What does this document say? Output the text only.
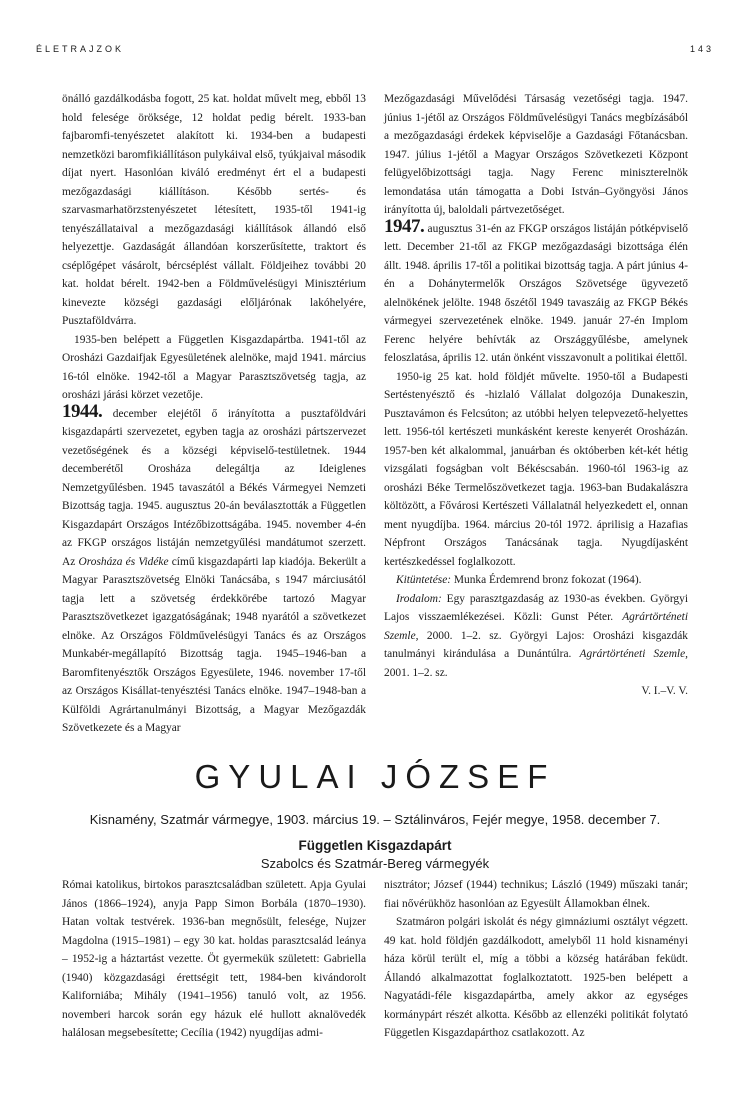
ÉLETRAJZOK	143

önálló gazdálkodásba fogott, 25 kat. holdat művelt meg, ebből 13 hold felesége öröksége, 12 holdat pedig bérelt. 1933-ban fajbaromfi-tenyészetet alakított ki. 1934-ben a budapesti nemzetközi baromfikiállításon pulykáival első, tyúkjaival második díjat nyert. Hasonlóan kiváló eredményt ért el a budapesti mezőgazdasági kiállításon. Később sertés- és szarvasmarhatörzstenyészetet létesített, 1935-től 1941-ig tenyészállataival a mezőgazdasági kiállítások állandó első helyezettje. Gazdaságát állandóan korszerűsítette, traktort és cséplőgépet vásárolt, bércséplést vállalt. Földjeihez további 20 kat. holdat bérelt. 1942-ben a Földművelésügyi Minisztérium kinevezte községi gazdasági előljárónak lakóhelyére, Pusztaföldvárra.

1935-ben belépett a Független Kisgazdapártba. 1941-től az Orosházi Gazdaifjak Egyesületének alelnöke, majd 1941. március 16-tól elnöke. 1942-től a Magyar Parasztszövetség tagja, az orosházi járási körzet vezetője.

1944. december elejétől ő irányította a pusztaföldvári kisgazdapárti szervezetet, egyben tagja az orosházi pártszervezet vezetőségének és a községi képviselő-testületnek. 1944 decemberétől Orosháza delegáltja az Ideiglenes Nemzetgyűlésben. 1945 tavaszától a Békés Vármegyei Nemzeti Bizottság tagja. 1945. augusztus 20-án beválasztották a Független Kisgazdapárt Országos Intézőbizottságába. 1945. november 4-én az FKGP országos listáján nemzetgyűlési mandátumot szerzett. Az Orosháza és Vidéke című kisgazdapárti lap kiadója. Bekerült a Magyar Parasztszövetség Elnöki Tanácsába, s 1947 márciusától tagja lett a szövetség érdekkörébe tartozó Magyar Parasztszövetkezet igazgatóságának; 1948 nyarától a szövetkezet elnöke. Az Országos Földművelésügyi Tanács és az Országos Munkabér-megállapító Bizottság tagja. 1945–1946-ban a Baromfitenyésztők Országos Egyesülete, 1946. november 17-től az Országos Kisállat-tenyésztési Tanács elnöke. 1947–1948-ban a Külföldi Agrártanulmányi Bizottság, a Magyar Mezőgazdák Szövetkezete és a Magyar

Mezőgazdasági Művelődési Társaság vezetőségi tagja. 1947. június 1-jétől az Országos Földművelésügyi Tanács megbízásából a mezőgazdasági érdekek képviselője a Gazdasági Főtanácsban. 1947. július 1-jétől a Magyar Országos Szövetkezeti Központ felügyelőbizottsági tagja. Nagy Ferenc miniszterelnök lemondatása után támogatta a Dobi István–Gyöngyösi János irányította új, baloldali pártvezetőséget.

1947. augusztus 31-én az FKGP országos listáján pótképviselő lett. December 21-től az FKGP mezőgazdasági bizottsága élén állt. 1948. április 17-től a politikai bizottság tagja. A párt június 4-én a Dohánytermelők Országos Szövetsége ügyvezető alelnökének jelölte. 1948 őszétől 1949 tavaszáig az FKGP Békés vármegyei szervezetének elnöke. 1949. január 27-én Implom Ferenc helyére behívták az Országgyűlésbe, amelynek feloszlatása, április 12. után önként visszavonult a politikai élettől.

1950-ig 25 kat. hold földjét művelte. 1950-től a Budapesti Sertéstenyésztő és -hizlaló Vállalat dolgozója Dunakeszin, Pusztavámon és Felcsúton; az utóbbi helyen telepvezető-helyettes lett. 1956-tól kertészeti munkásként kereste kenyerét Orosházán. 1957-ben két alkalommal, januárban és októberben két-két hétig vizsgálati fogságban volt Békéscsabán. 1960-tól 1963-ig az orosházi Béke Termelőszövetkezet tagja. 1963-ban Budakalászra költözött, a Fővárosi Kertészeti Vállalatnál helyezkedett el, onnan ment nyugdíjba. 1964. március 20-tól 1972. áprilisig a Hazafias Népfront Országos Tanácsának tagja. Nyugdíjasként kertészkedéssel foglalkozott.

Kitüntetése: Munka Érdemrend bronz fokozat (1964).

Irodalom: Egy parasztgazdaság az 1930-as években. Györgyi Lajos visszaemlékezései. Közli: Gunst Péter. Agrártörténeti Szemle, 2000. 1–2. sz. Györgyi Lajos: Orosházi kisgazdák tanulmányi kirándulása a Dunántúlra. Agrártörténeti Szemle, 2001. 1–2. sz.

V. I.–V. V.

GYULAI JÓZSEF
Kisnamény, Szatmár vármegye, 1903. március 19. – Sztálinváros, Fejér megye, 1958. december 7.
Független Kisgazdapárt
Szabolcs és Szatmár-Bereg vármegyék

Római katolikus, birtokos parasztcsaládban született. Apja Gyulai János (1866–1924), anyja Papp Simon Borbála (1870–1930). Hatan voltak testvérek. 1936-ban megnősült, felesége, Nujzer Magdolna (1915–1981) – egy 30 kat. holdas parasztcsalád leánya – 1952-ig a háztartást vezette. Öt gyermekük született: Gabriella (1940) közgazdasági érettségit tett, 1984-ben kivándorolt Kaliforniába; Mihály (1941–1956) tanuló volt, az 1956. novemberi harcok során egy házuk elé hullott aknalövedék halálosan megsebesítette; Cecília (1942) nyugdíjas admi-

nisztrátor; József (1944) technikus; László (1949) műszaki tanár; fiai nővérükhöz hasonlóan az Egyesült Államokban élnek.

Szatmáron polgári iskolát és négy gimnáziumi osztályt végzett. 49 kat. hold földjén gazdálkodott, amelyből 11 hold kisnaményi háza körül terült el, míg a többi a község határában feküdt. Állandó alkalmazottat foglalkoztatott. 1925-ben belépett a Nagyatádi-féle kisgazdapártba, amely akkor az egységes kormánypárt részét alkotta. Később az ellenzéki politikát folytató Független Kisgazdapárthoz csatlakozott. Az
